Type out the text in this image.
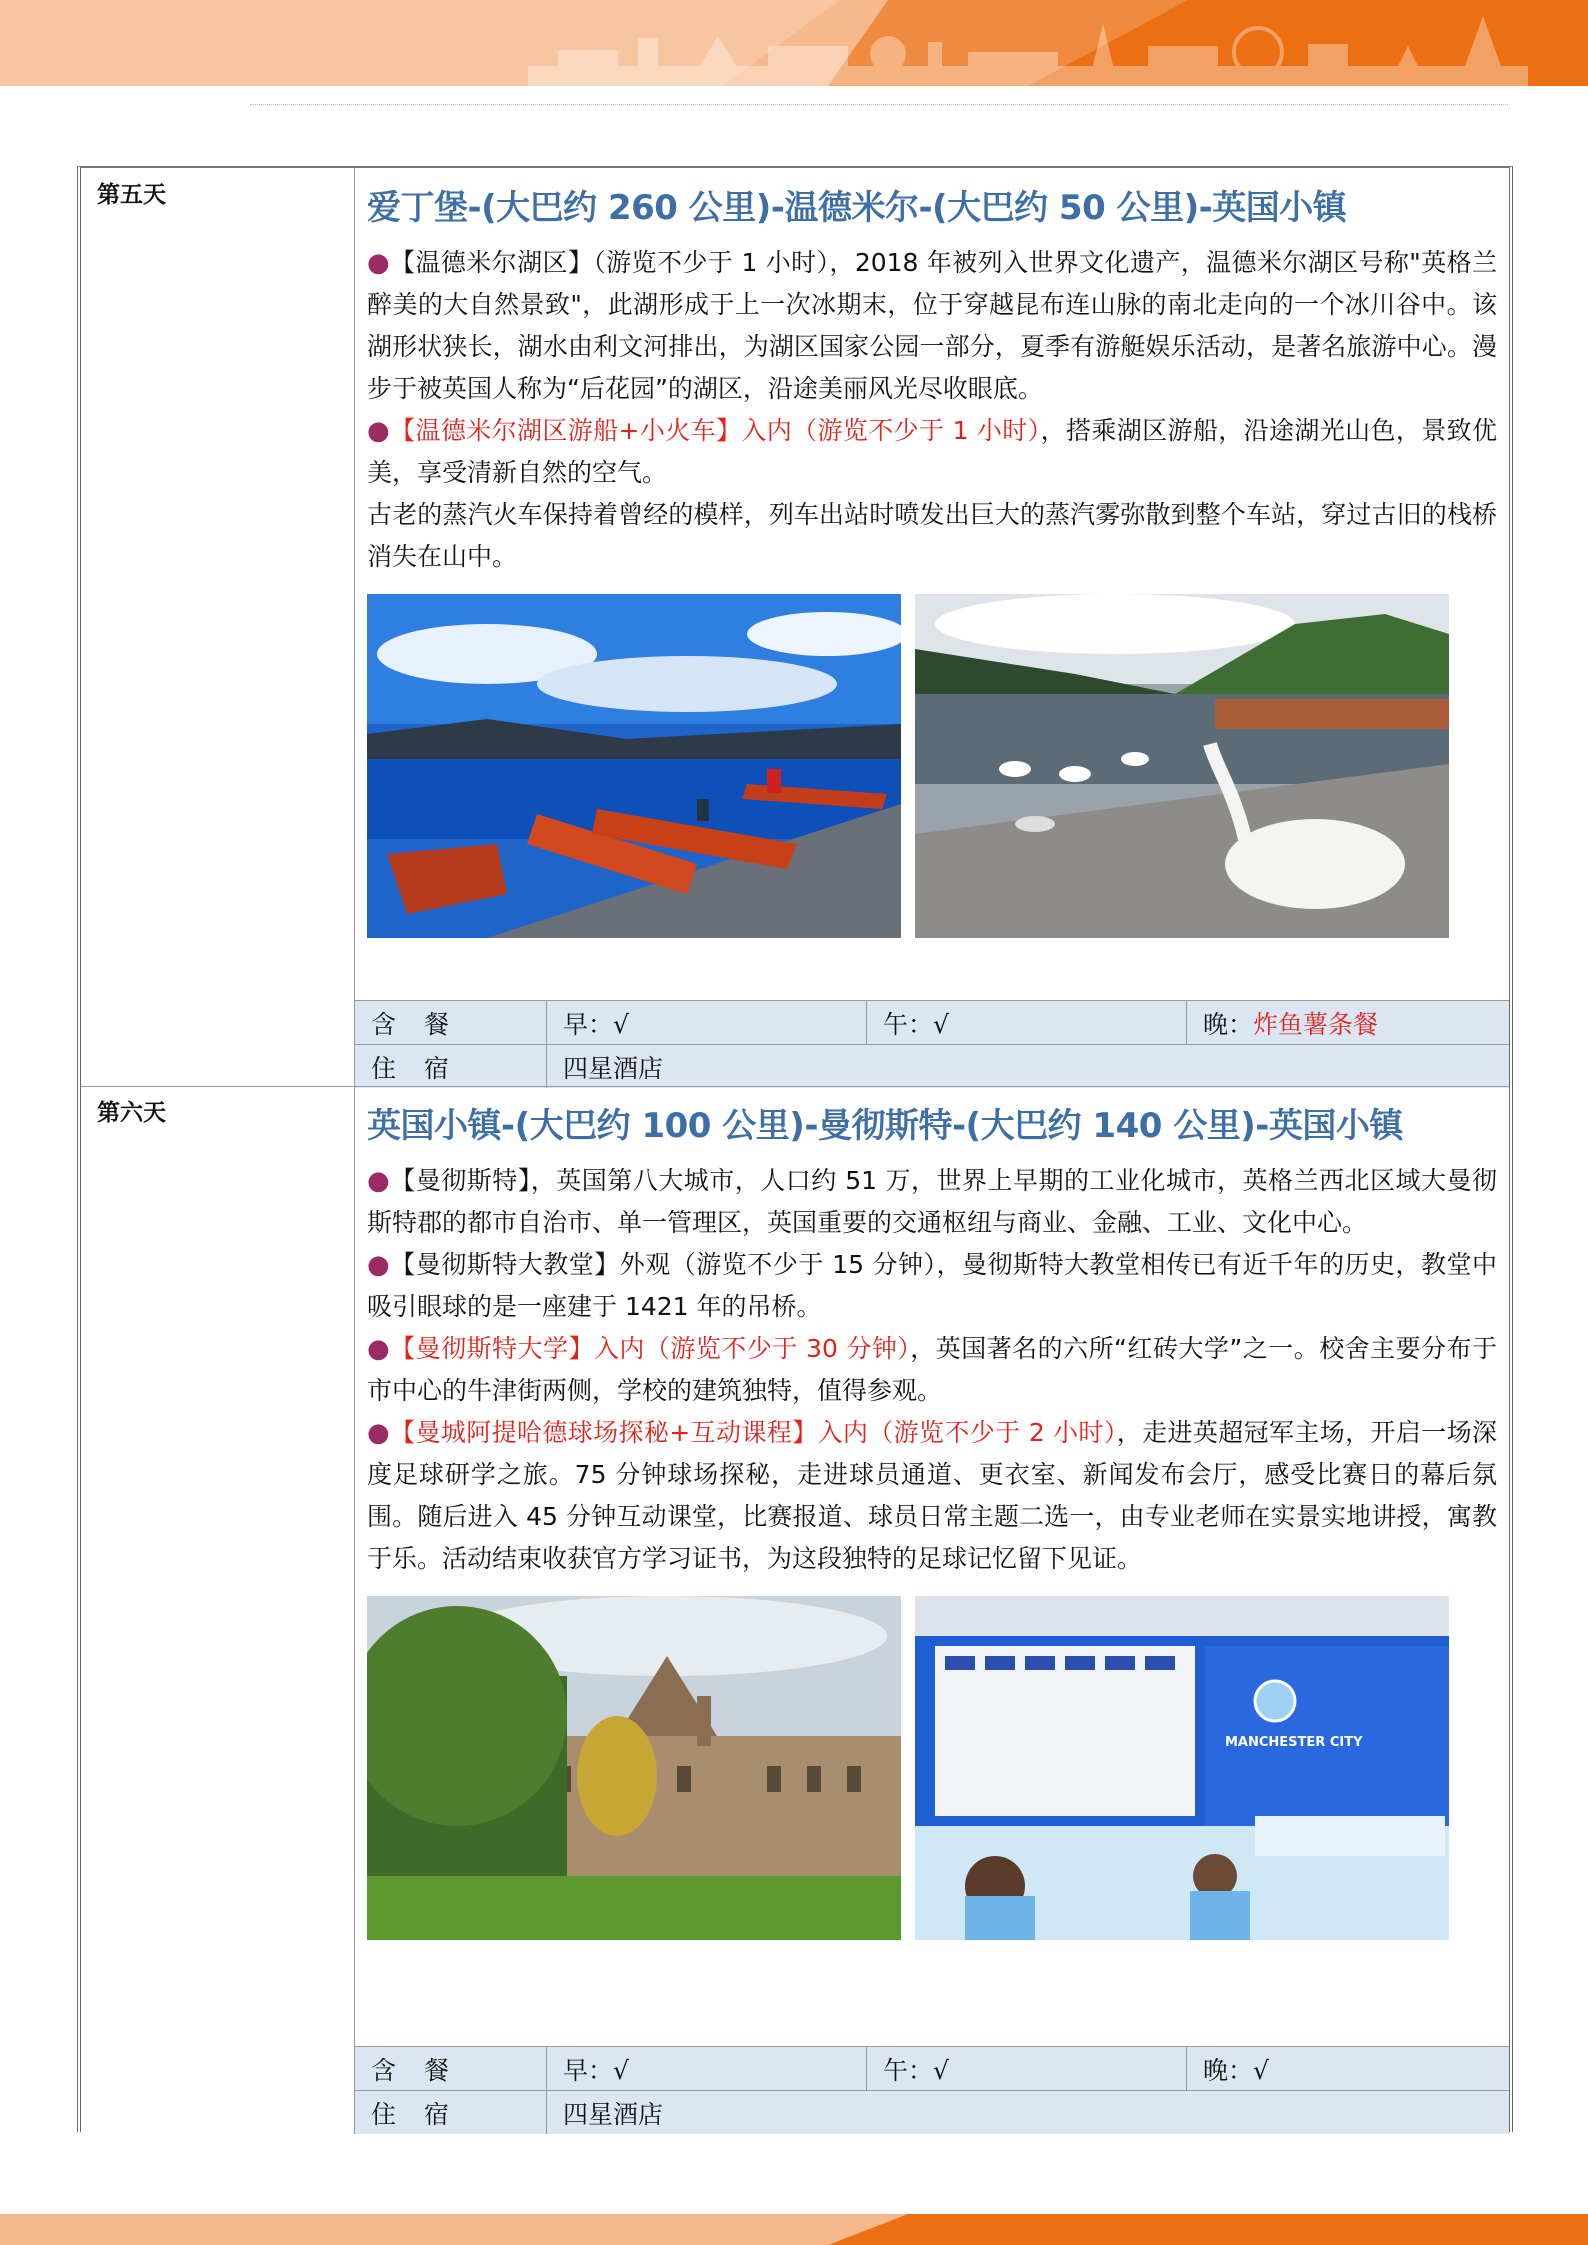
第五天	爱丁堡-(大巴约 260 公里)-温德米尔-(大巴约 50 公里)-英国小镇
●【温德米尔湖区】（游览不少于 1 小时），2018 年被列入世界文化遗产，温德米尔湖区号称"英格兰醉美的大自然景致"，此湖形成于上一次冰期末，位于穿越昆布连山脉的南北走向的一个冰川谷中。该湖形状狭长，湖水由利文河排出，为湖区国家公园一部分，夏季有游艇娱乐活动，是著名旅游中心。漫步于被英国人称为“后花园”的湖区，沿途美丽风光尽收眼底。
●【温德米尔湖区游船+小火车】入内（游览不少于 1 小时），搭乘湖区游船，沿途湖光山色，景致优美，享受清新自然的空气。
古老的蒸汽火车保持着曾经的模样，列车出站时喷发出巨大的蒸汽雾弥散到整个车站，穿过古旧的栈桥消失在山中。
含 餐	早：√	午：√	晚： 炸鱼薯条餐
住 宿	四星酒店
第六天	英国小镇-(大巴约 100 公里)-曼彻斯特-(大巴约 140 公里)-英国小镇
●【曼彻斯特】，英国第八大城市，人口约 51 万，世界上早期的工业化城市，英格兰西北区域大曼彻斯特郡的都市自治市、单一管理区，英国重要的交通枢纽与商业、金融、工业、文化中心。
●【曼彻斯特大教堂】外观（游览不少于 15 分钟），曼彻斯特大教堂相传已有近千年的历史，教堂中吸引眼球的是一座建于 1421 年的吊桥。
●【曼彻斯特大学】入内（游览不少于 30 分钟），英国著名的六所“红砖大学”之一。校舍主要分布于市中心的牛津街两侧，学校的建筑独特，值得参观。
●【曼城阿提哈德球场探秘+互动课程】入内（游览不少于 2 小时），走进英超冠军主场，开启一场深度足球研学之旅。75 分钟球场探秘，走进球员通道、更衣室、新闻发布会厅，感受比赛日的幕后氛围。随后进入 45 分钟互动课堂，比赛报道、球员日常主题二选一，由专业老师在实景实地讲授，寓教于乐。活动结束收获官方学习证书，为这段独特的足球记忆留下见证。
MANCHESTER CITY
含 餐	早：√	午：√	晚：√
住 宿	四星酒店
